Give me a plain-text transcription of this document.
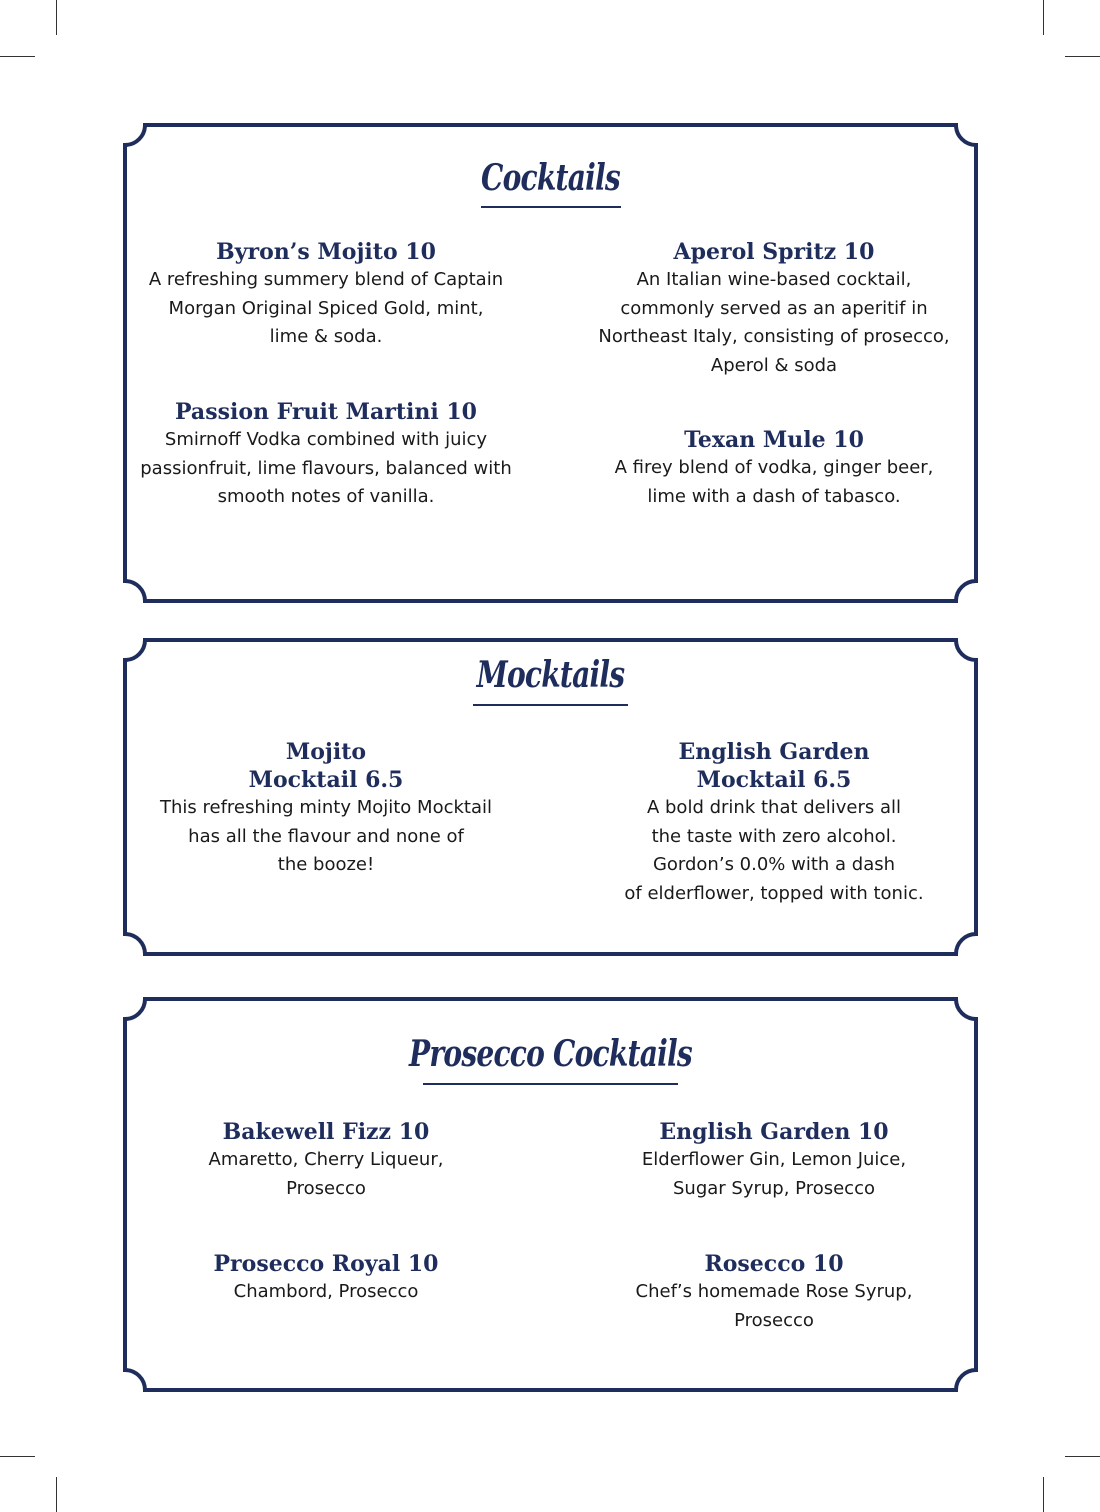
Cocktails
Byron’s Mojito 10
A refreshing summery blend of Captain
Morgan Original Spiced Gold, mint,
lime & soda.
Aperol Spritz 10
An Italian wine-based cocktail,
commonly served as an aperitif in
Northeast Italy, consisting of prosecco,
Aperol & soda
Passion Fruit Martini 10
Smirnoff Vodka combined with juicy
passionfruit, lime flavours, balanced with
smooth notes of vanilla.
Texan Mule 10
A firey blend of vodka, ginger beer,
lime with a dash of tabasco.
Mocktails
Mojito
Mocktail 6.5
This refreshing minty Mojito Mocktail
has all the flavour and none of
the booze!
English Garden
Mocktail 6.5
A bold drink that delivers all
the taste with zero alcohol.
Gordon’s 0.0% with a dash
of elderflower, topped with tonic.
Prosecco Cocktails
Bakewell Fizz 10
Amaretto, Cherry Liqueur,
Prosecco
English Garden 10
Elderflower Gin, Lemon Juice,
Sugar Syrup, Prosecco
Prosecco Royal 10
Chambord, Prosecco
Rosecco 10
Chef’s homemade Rose Syrup,
Prosecco
